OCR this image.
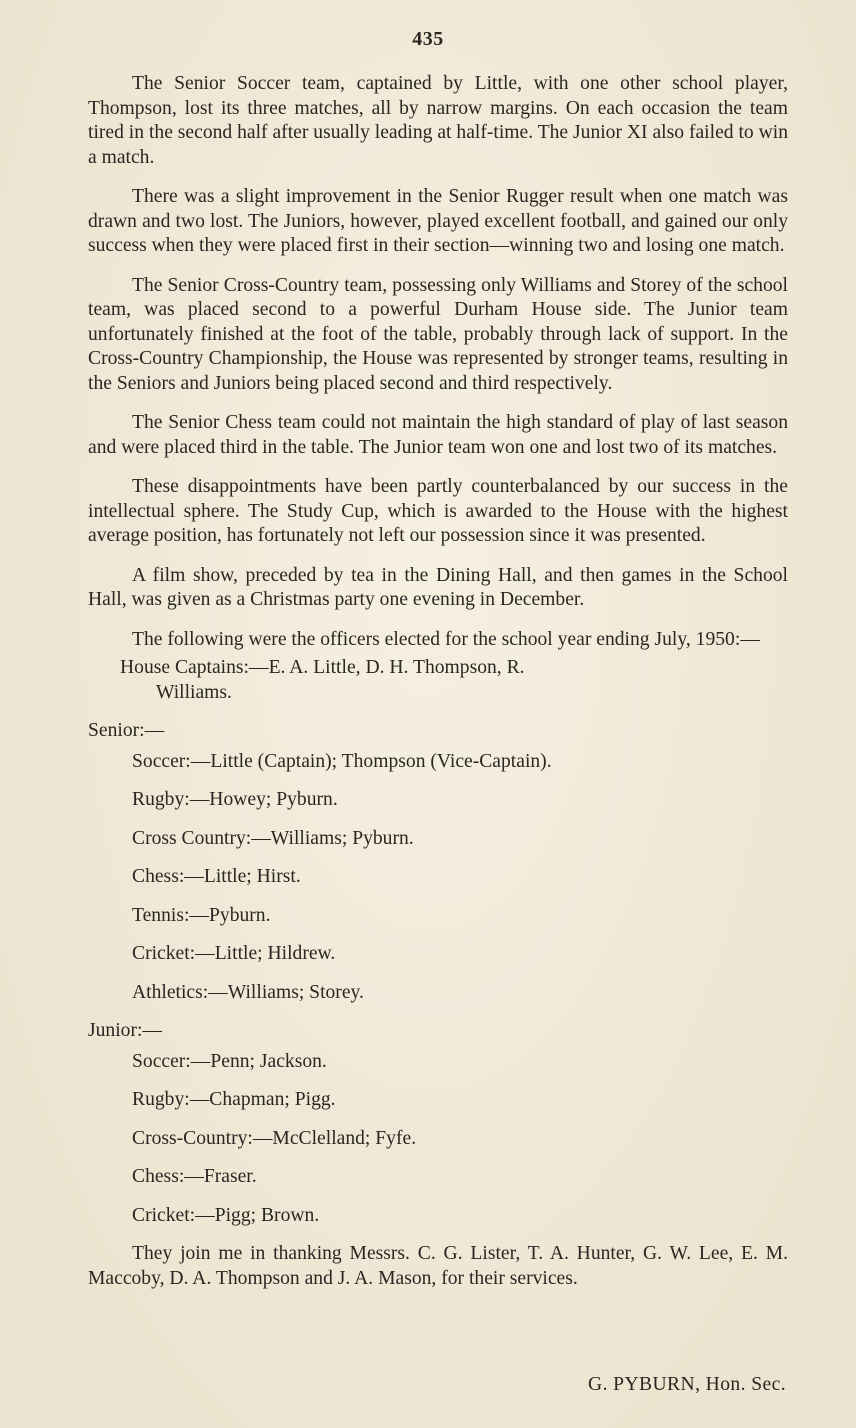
435

The Senior Soccer team, captained by Little, with one other school player, Thompson, lost its three matches, all by narrow margins. On each occasion the team tired in the second half after usually leading at half-time. The Junior XI also failed to win a match.

There was a slight improvement in the Senior Rugger result when one match was drawn and two lost. The Juniors, however, played excellent football, and gained our only success when they were placed first in their section—winning two and losing one match.

The Senior Cross-Country team, possessing only Williams and Storey of the school team, was placed second to a powerful Durham House side. The Junior team unfortunately finished at the foot of the table, probably through lack of support. In the Cross-Country Championship, the House was represented by stronger teams, resulting in the Seniors and Juniors being placed second and third respectively.

The Senior Chess team could not maintain the high standard of play of last season and were placed third in the table. The Junior team won one and lost two of its matches.

These disappointments have been partly counterbalanced by our success in the intellectual sphere. The Study Cup, which is awarded to the House with the highest average position, has fortunately not left our possession since it was presented.

A film show, preceded by tea in the Dining Hall, and then games in the School Hall, was given as a Christmas party one evening in December.

The following were the officers elected for the school year ending July, 1950:—

House Captains:—E. A. Little, D. H. Thompson, R.
Williams.

Senior:—
Soccer:—Little (Captain); Thompson (Vice-Captain).
Rugby:—Howey; Pyburn.
Cross Country:—Williams; Pyburn.
Chess:—Little; Hirst.
Tennis:—Pyburn.
Cricket:—Little; Hildrew.
Athletics:—Williams; Storey.
Junior:—
Soccer:—Penn; Jackson.
Rugby:—Chapman; Pigg.
Cross-Country:—McClelland; Fyfe.
Chess:—Fraser.
Cricket:—Pigg; Brown.

They join me in thanking Messrs. C. G. Lister, T. A. Hunter, G. W. Lee, E. M. Maccoby, D. A. Thompson and J. A. Mason, for their services.

G. PYBURN, Hon. Sec.
